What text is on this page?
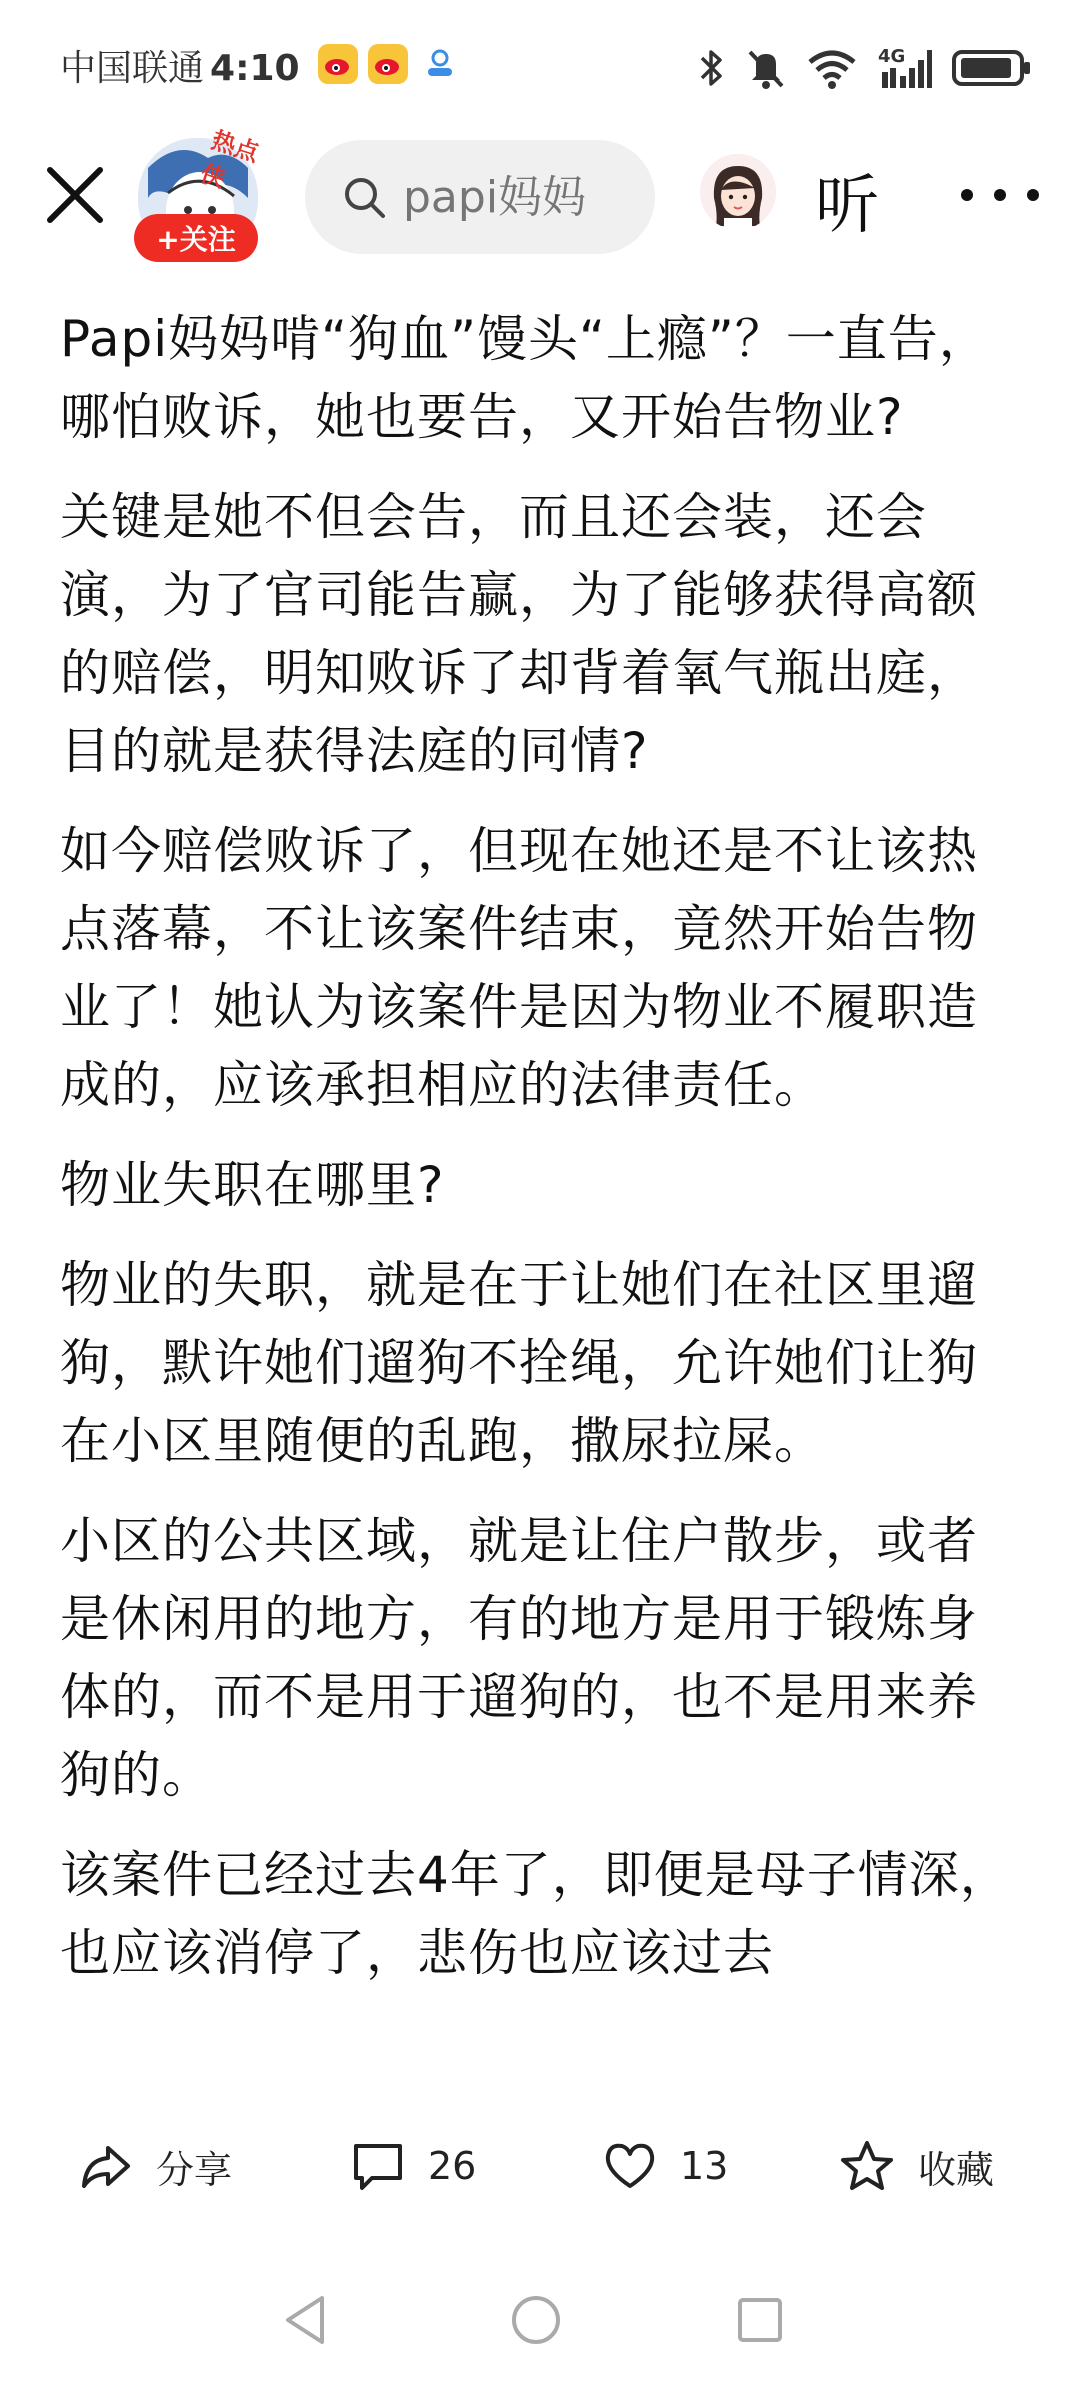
中国联通 4:10	4G
热点侠
+关注
papi妈妈	听

Papi妈妈啃“狗血”馒头“上瘾”？一直告，哪怕败诉，她也要告，又开始告物业?

关键是她不但会告，而且还会装，还会演，为了官司能告赢，为了能够获得高额的赔偿，明知败诉了却背着氧气瓶出庭，目的就是获得法庭的同情?

如今赔偿败诉了，但现在她还是不让该热点落幕，不让该案件结束，竟然开始告物业了！她认为该案件是因为物业不履职造成的，应该承担相应的法律责任。

物业失职在哪里?

物业的失职，就是在于让她们在社区里遛狗，默许她们遛狗不拴绳，允许她们让狗在小区里随便的乱跑，撒尿拉屎。

小区的公共区域，就是让住户散步，或者是休闲用的地方，有的地方是用于锻炼身体的，而不是用于遛狗的，也不是用来养狗的。

该案件已经过去4年了，即便是母子情深，也应该消停了，悲伤也应该过去

分享	26	13	收藏
